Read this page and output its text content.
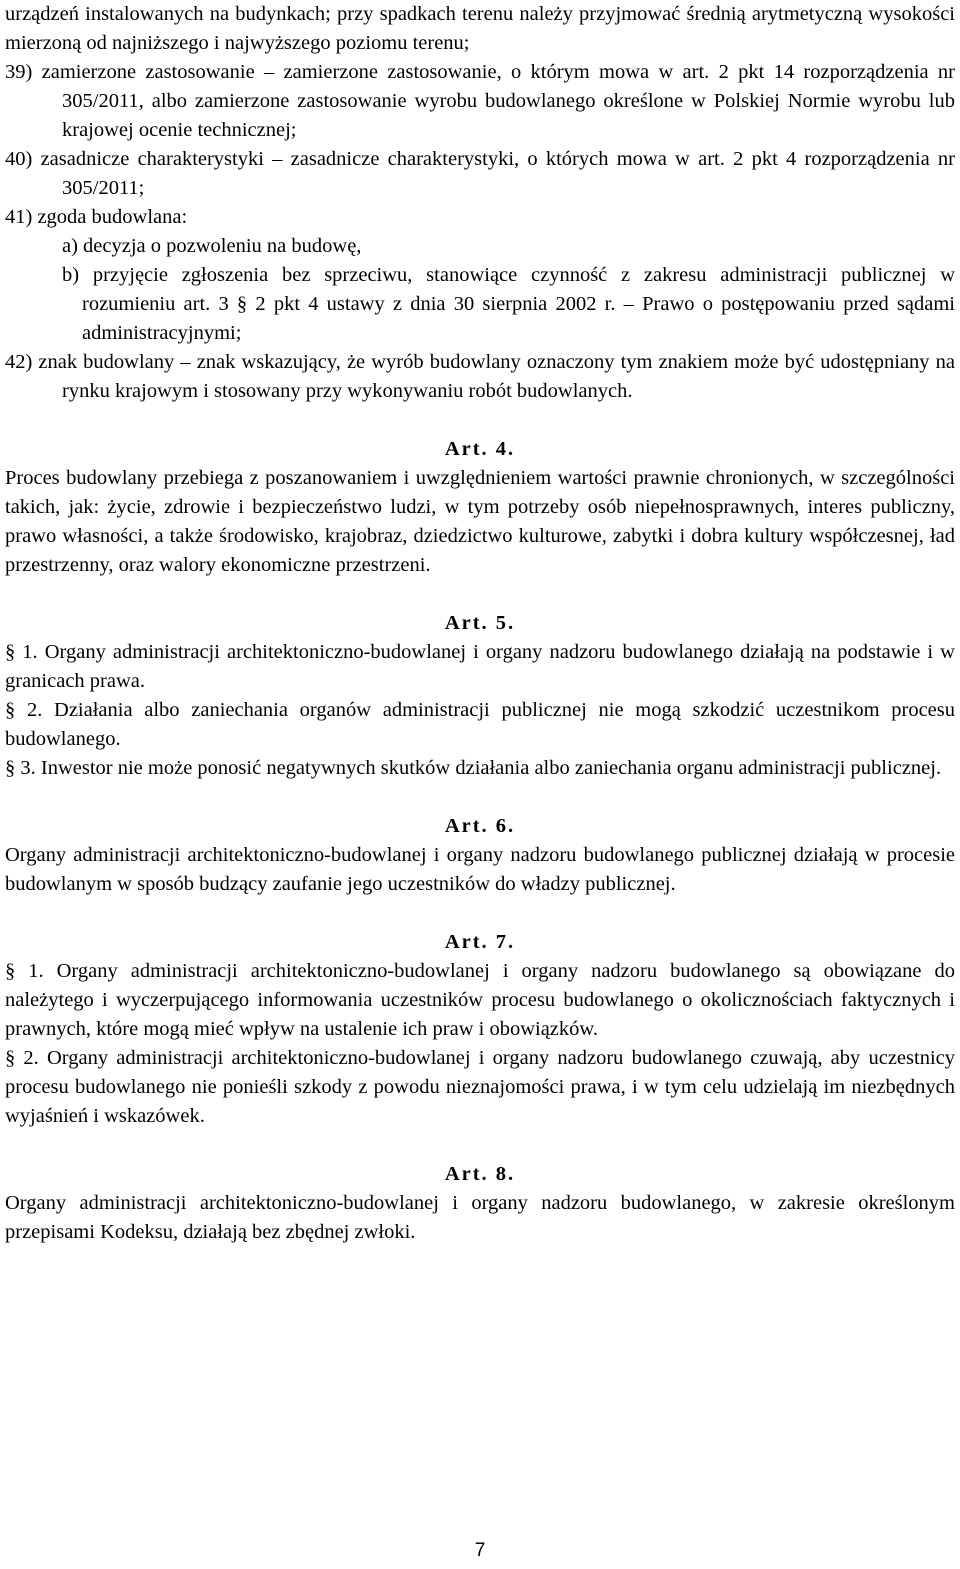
urządzeń instalowanych na budynkach; przy spadkach terenu należy przyjmować średnią arytmetyczną wysokości mierzoną od najniższego i najwyższego poziomu terenu;

39) zamierzone zastosowanie – zamierzone zastosowanie, o którym mowa w art. 2 pkt 14 rozporządzenia nr 305/2011, albo zamierzone zastosowanie wyrobu budowlanego określone w Polskiej Normie wyrobu lub krajowej ocenie technicznej;

40) zasadnicze charakterystyki – zasadnicze charakterystyki, o których mowa w art. 2 pkt 4 rozporządzenia nr 305/2011;

41) zgoda budowlana:

a) decyzja o pozwoleniu na budowę,

b) przyjęcie zgłoszenia bez sprzeciwu, stanowiące czynność z zakresu administracji publicznej w rozumieniu art. 3 § 2 pkt 4 ustawy z dnia 30 sierpnia 2002 r. – Prawo o postępowaniu przed sądami administracyjnymi;

42) znak budowlany – znak wskazujący, że wyrób budowlany oznaczony tym znakiem może być udostępniany na rynku krajowym i stosowany przy wykonywaniu robót budowlanych.

Art. 4.

Proces budowlany przebiega z poszanowaniem i uwzględnieniem wartości prawnie chronionych, w szczególności takich, jak: życie, zdrowie i bezpieczeństwo ludzi, w tym potrzeby osób niepełnosprawnych, interes publiczny, prawo własności, a także środowisko, krajobraz, dziedzictwo kulturowe, zabytki i dobra kultury współczesnej, ład przestrzenny, oraz walory ekonomiczne przestrzeni.

Art. 5.

§ 1. Organy administracji architektoniczno-budowlanej i organy nadzoru budowlanego działają na podstawie i w granicach prawa.

§ 2. Działania albo zaniechania organów administracji publicznej nie mogą szkodzić uczestnikom procesu budowlanego.

§ 3. Inwestor nie może ponosić negatywnych skutków działania albo zaniechania organu administracji publicznej.

Art. 6.

Organy administracji architektoniczno-budowlanej i organy nadzoru budowlanego publicznej działają w procesie budowlanym w sposób budzący zaufanie jego uczestników do władzy publicznej.

Art. 7.

§ 1. Organy administracji architektoniczno-budowlanej i organy nadzoru budowlanego są obowiązane do należytego i wyczerpującego informowania uczestników procesu budowlanego o okolicznościach faktycznych i prawnych, które mogą mieć wpływ na ustalenie ich praw i obowiązków.

§ 2. Organy administracji architektoniczno-budowlanej i organy nadzoru budowlanego czuwają, aby uczestnicy procesu budowlanego nie ponieśli szkody z powodu nieznajomości prawa, i w tym celu udzielają im niezbędnych wyjaśnień i wskazówek.

Art. 8.

Organy administracji architektoniczno-budowlanej i organy nadzoru budowlanego, w zakresie określonym przepisami Kodeksu, działają bez zbędnej zwłoki.

7
